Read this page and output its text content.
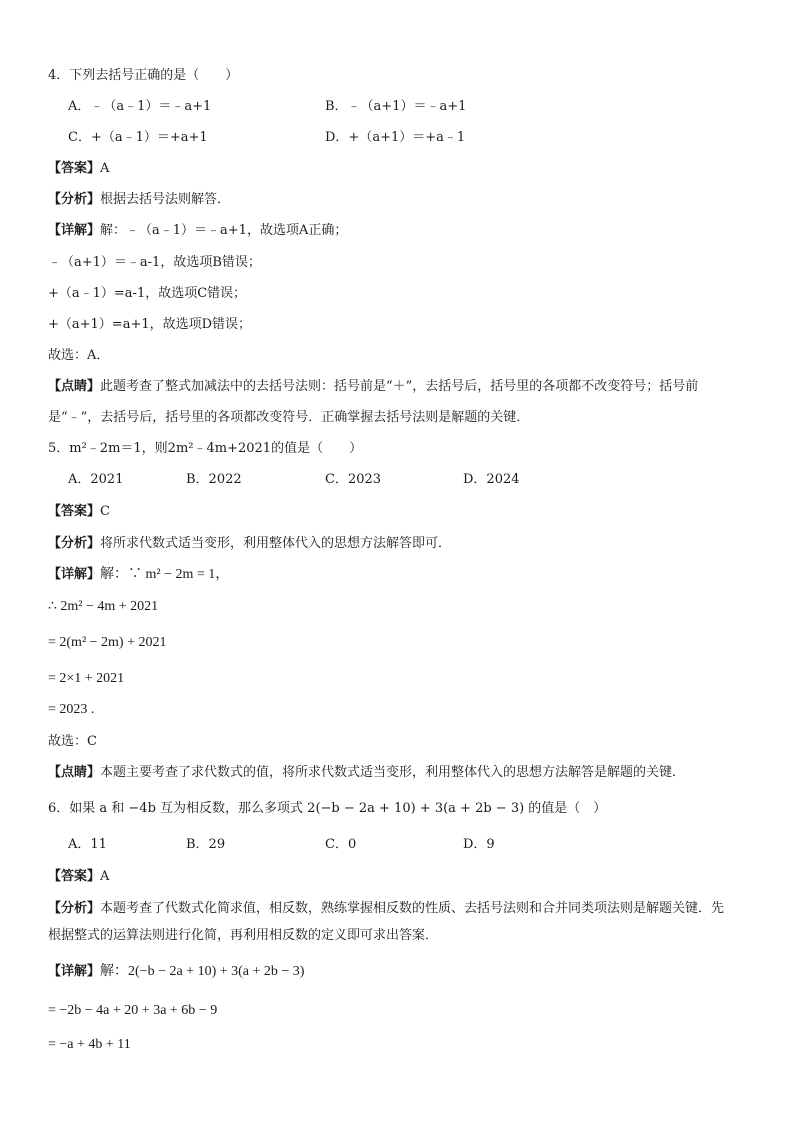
4．下列去括号正确的是（　　）
A．﹣（a﹣1）＝﹣a+1	B．﹣（a+1）＝﹣a+1
C．+（a﹣1）＝+a+1	D．+（a+1）＝+a﹣1
【答案】A
【分析】根据去括号法则解答．
【详解】解：﹣（a﹣1）＝﹣a+1，故选项A正确；
﹣（a+1）＝﹣a-1，故选项B错误；
+（a﹣1）=a-1，故选项C错误；
+（a+1）=a+1，故选项D错误；
故选：A．
【点睛】此题考查了整式加减法中的去括号法则：括号前是“＋”，去括号后，括号里的各项都不改变符号；括号前
是“﹣”，去括号后，括号里的各项都改变符号．正确掌握去括号法则是解题的关键．
5．m²﹣2m＝1，则2m²﹣4m+2021的值是（　　）
A．2021	B．2022	C．2023	D．2024
【答案】C
【分析】将所求代数式适当变形，利用整体代入的思想方法解答即可．
【详解】解：∵ m² − 2m = 1，
∴ 2m² − 4m + 2021
= 2(m² − 2m) + 2021
= 2×1 + 2021
= 2023 .
故选：C
【点睛】本题主要考查了求代数式的值，将所求代数式适当变形，利用整体代入的思想方法解答是解题的关键．
6．如果 a 和 −4b 互为相反数，那么多项式 2(−b − 2a + 10) + 3(a + 2b − 3) 的值是（　）
A．11	B．29	C．0	D．9
【答案】A
【分析】本题考查了代数式化简求值，相反数，熟练掌握相反数的性质、去括号法则和合并同类项法则是解题关键．先
根据整式的运算法则进行化简，再利用相反数的定义即可求出答案．
【详解】解：2(−b − 2a + 10) + 3(a + 2b − 3)
= −2b − 4a + 20 + 3a + 6b − 9
= −a + 4b + 11
